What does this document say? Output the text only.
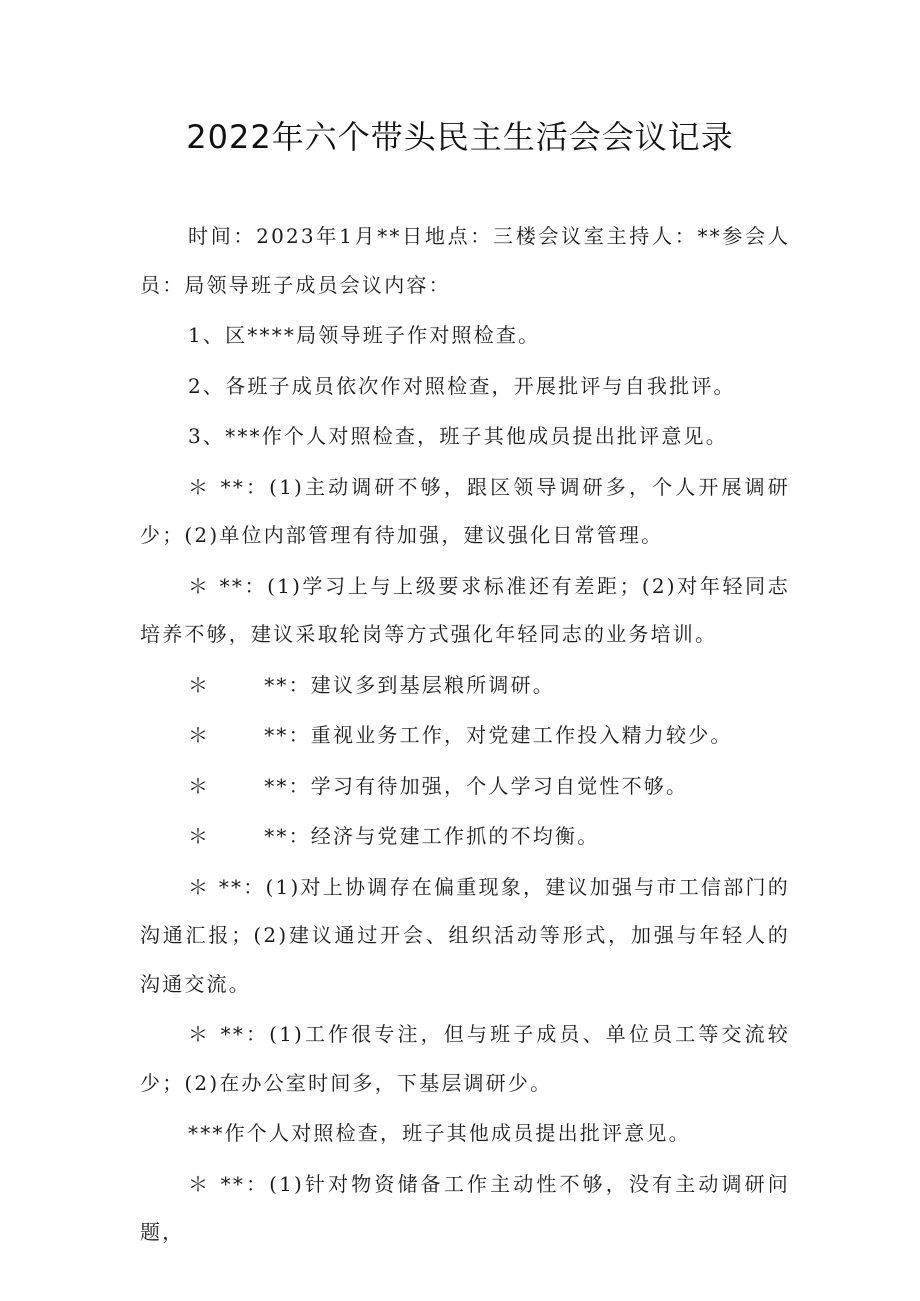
2022年六个带头民主生活会会议记录

时间：2023年1月**日地点：三楼会议室主持人：**参会人员：局领导班子成员会议内容：

1、区****局领导班子作对照检查。

2、各班子成员依次作对照检查，开展批评与自我批评。

3、***作个人对照检查，班子其他成员提出批评意见。

＊ **：(1)主动调研不够，跟区领导调研多，个人开展调研少；(2)单位内部管理有待加强，建议强化日常管理。

＊ **：(1)学习上与上级要求标准还有差距；(2)对年轻同志培养不够，建议采取轮岗等方式强化年轻同志的业务培训。

＊	**：建议多到基层粮所调研。

＊	**：重视业务工作，对党建工作投入精力较少。

＊	**：学习有待加强，个人学习自觉性不够。

＊	**：经济与党建工作抓的不均衡。

＊ **：(1)对上协调存在偏重现象，建议加强与市工信部门的沟通汇报；(2)建议通过开会、组织活动等形式，加强与年轻人的沟通交流。

＊ **：(1)工作很专注，但与班子成员、单位员工等交流较少；(2)在办公室时间多，下基层调研少。

***作个人对照检查，班子其他成员提出批评意见。

＊ **：(1)针对物资储备工作主动性不够，没有主动调研问题，
